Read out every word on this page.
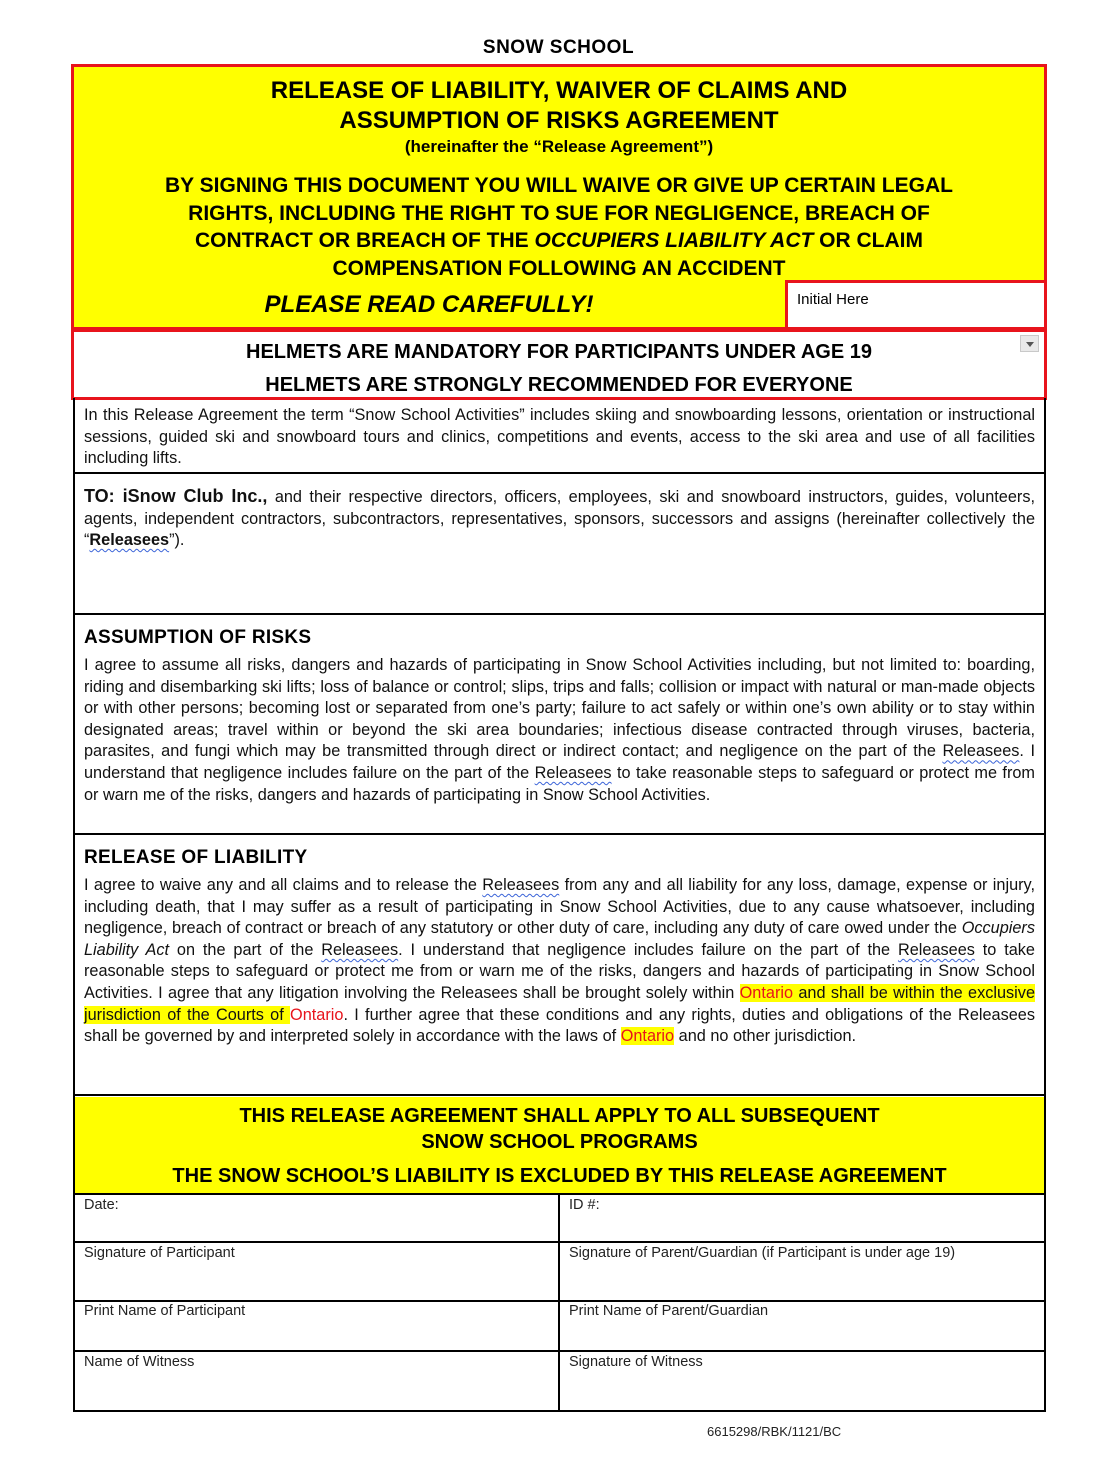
SNOW SCHOOL
RELEASE OF LIABILITY, WAIVER OF CLAIMS AND
ASSUMPTION OF RISKS AGREEMENT
(hereinafter the “Release Agreement”)
BY SIGNING THIS DOCUMENT YOU WILL WAIVE OR GIVE UP CERTAIN LEGAL
RIGHTS, INCLUDING THE RIGHT TO SUE FOR NEGLIGENCE, BREACH OF
CONTRACT OR BREACH OF THE OCCUPIERS LIABILITY ACT OR CLAIM
COMPENSATION FOLLOWING AN ACCIDENT
PLEASE READ CAREFULLY!	Initial Here
HELMETS ARE MANDATORY FOR PARTICIPANTS UNDER AGE 19
HELMETS ARE STRONGLY RECOMMENDED FOR EVERYONE
In this Release Agreement the term “Snow School Activities” includes skiing and snowboarding lessons, orientation or instructional sessions, guided ski and snowboard tours and clinics, competitions and events, access to the ski area and use of all facilities including lifts.
TO: iSnow Club Inc., and their respective directors, officers, employees, ski and snowboard instructors, guides, volunteers, agents, independent contractors, subcontractors, representatives, sponsors, successors and assigns (hereinafter collectively the “Releasees”).
ASSUMPTION OF RISKS
I agree to assume all risks, dangers and hazards of participating in Snow School Activities including, but not limited to: boarding, riding and disembarking ski lifts; loss of balance or control; slips, trips and falls; collision or impact with natural or man-made objects or with other persons; becoming lost or separated from one’s party; failure to act safely or within one’s own ability or to stay within designated areas; travel within or beyond the ski area boundaries; infectious disease contracted through viruses, bacteria, parasites, and fungi which may be transmitted through direct or indirect contact; and negligence on the part of the Releasees. I understand that negligence includes failure on the part of the Releasees to take reasonable steps to safeguard or protect me from or warn me of the risks, dangers and hazards of participating in Snow School Activities.
RELEASE OF LIABILITY
I agree to waive any and all claims and to release the Releasees from any and all liability for any loss, damage, expense or injury, including death, that I may suffer as a result of participating in Snow School Activities, due to any cause whatsoever, including negligence, breach of contract or breach of any statutory or other duty of care, including any duty of care owed under the Occupiers Liability Act on the part of the Releasees. I understand that negligence includes failure on the part of the Releasees to take reasonable steps to safeguard or protect me from or warn me of the risks, dangers and hazards of participating in Snow School Activities. I agree that any litigation involving the Releasees shall be brought solely within Ontario and shall be within the exclusive jurisdiction of the Courts of Ontario. I further agree that these conditions and any rights, duties and obligations of the Releasees shall be governed by and interpreted solely in accordance with the laws of Ontario and no other jurisdiction.
THIS RELEASE AGREEMENT SHALL APPLY TO ALL SUBSEQUENT
SNOW SCHOOL PROGRAMS
THE SNOW SCHOOL’S LIABILITY IS EXCLUDED BY THIS RELEASE AGREEMENT
Date:	ID #:
Signature of Participant	Signature of Parent/Guardian (if Participant is under age 19)
Print Name of Participant	Print Name of Parent/Guardian
Name of Witness	Signature of Witness
6615298/RBK/1121/BC
